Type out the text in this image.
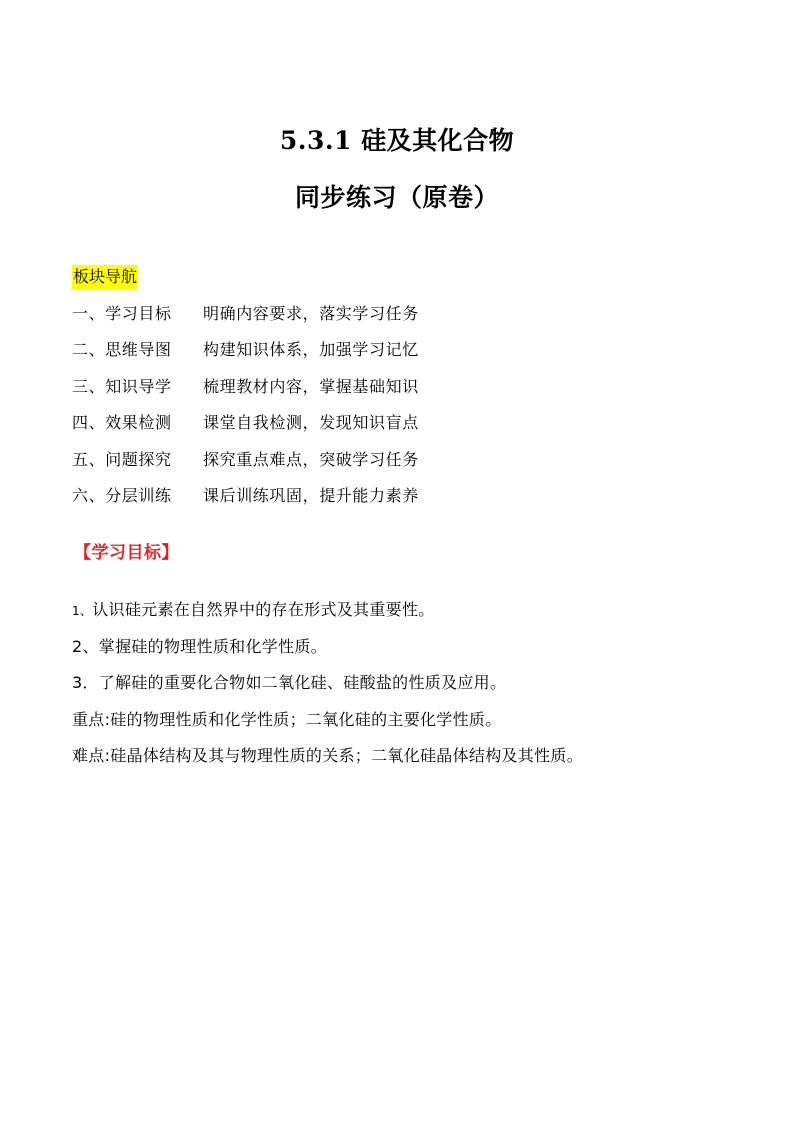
5.3.1 硅及其化合物
同步练习（原卷）
板块导航
一、学习目标 明确内容要求，落实学习任务
二、思维导图 构建知识体系，加强学习记忆
三、知识导学 梳理教材内容，掌握基础知识
四、效果检测 课堂自我检测，发现知识盲点
五、问题探究 探究重点难点，突破学习任务
六、分层训练 课后训练巩固，提升能力素养
【学习目标】
1、认识硅元素在自然界中的存在形式及其重要性。
2、掌握硅的物理性质和化学性质。
3．了解硅的重要化合物如二氧化硅、硅酸盐的性质及应用。
重点:硅的物理性质和化学性质；二氧化硅的主要化学性质。
难点:硅晶体结构及其与物理性质的关系；二氧化硅晶体结构及其性质。
